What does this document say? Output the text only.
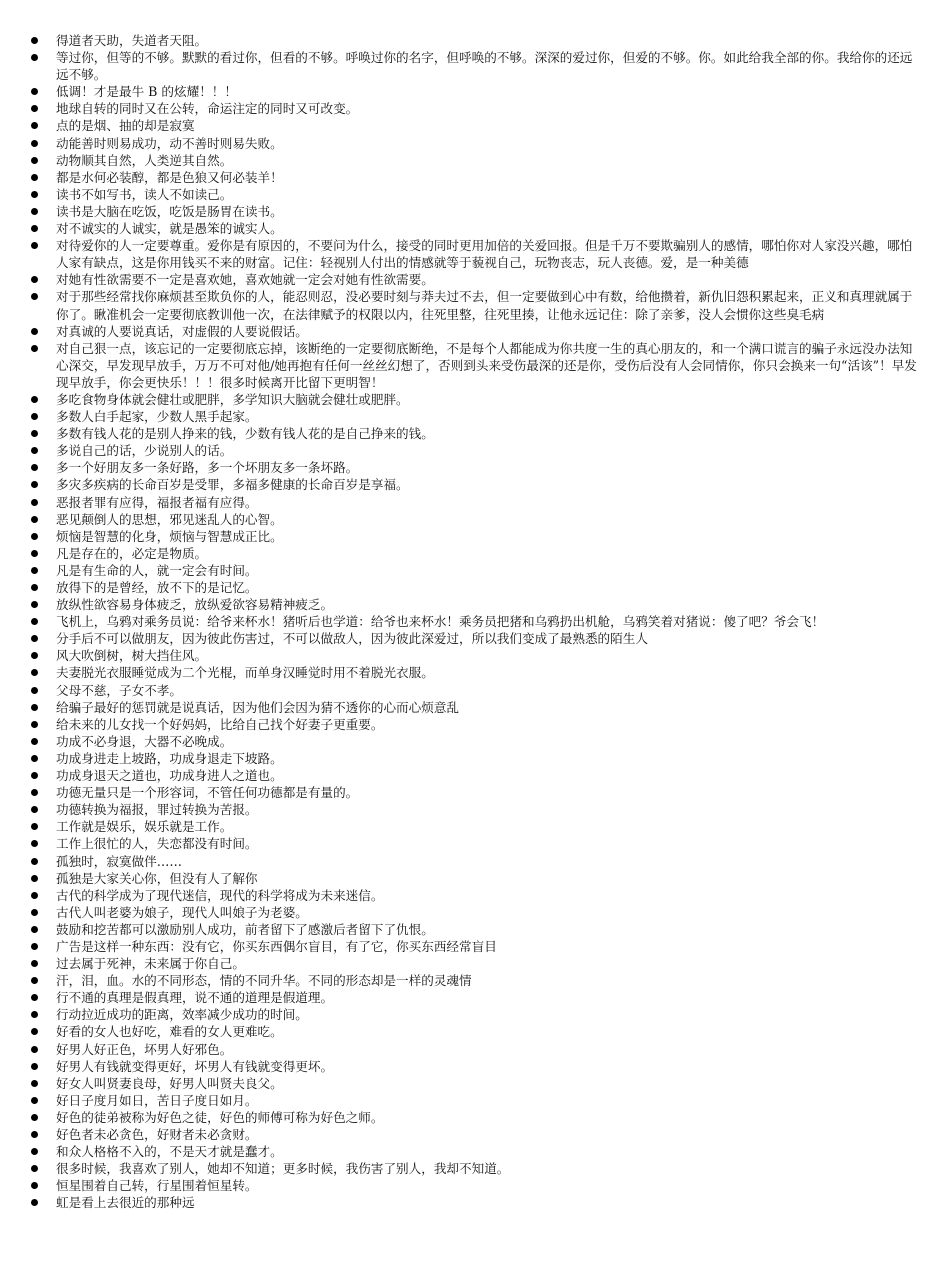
得道者天助，失道者天阻。
等过你，但等的不够。默默的看过你，但看的不够。呼唤过你的名字，但呼唤的不够。深深的爱过你，但爱的不够。你。如此给我全部的你。我给你的还远远不够。
低调！才是最牛 B 的炫耀！！！
地球自转的同时又在公转，命运注定的同时又可改变。
点的是烟、抽的却是寂寞
动能善时则易成功，动不善时则易失败。
动物顺其自然，人类逆其自然。
都是水何必装醇，都是色狼又何必装羊！
读书不如写书，读人不如读己。
读书是大脑在吃饭，吃饭是肠胃在读书。
对不诚实的人诚实，就是愚笨的诚实人。
对待爱你的人一定要尊重。爱你是有原因的，不要问为什么，接受的同时更用加倍的关爱回报。但是千万不要欺骗别人的感情，哪怕你对人家没兴趣，哪怕人家有缺点，这是你用钱买不来的财富。记住：轻视别人付出的情感就等于藐视自己，玩物丧志，玩人丧德。爱，是一种美德
对她有性欲需要不一定是喜欢她，喜欢她就一定会对她有性欲需要。
对于那些经常找你麻烦甚至欺负你的人，能忍则忍，没必要时刻与莽夫过不去，但一定要做到心中有数，给他攒着，新仇旧怨积累起来，正义和真理就属于你了。瞅准机会一定要彻底教训他一次，在法律赋予的权限以内，往死里整，往死里揍，让他永远记住：除了亲爹，没人会惯你这些臭毛病
对真诚的人要说真话，对虚假的人要说假话。
对自己狠一点，该忘记的一定要彻底忘掉，该断绝的一定要彻底断绝，不是每个人都能成为你共度一生的真心朋友的，和一个满口谎言的骗子永远没办法知心深交，早发现早放手，万万不可对他/她再抱有任何一丝丝幻想了，否则到头来受伤最深的还是你，受伤后没有人会同情你，你只会换来一句“活该”！早发现早放手，你会更快乐！！！很多时候离开比留下更明智！
多吃食物身体就会健壮或肥胖，多学知识大脑就会健壮或肥胖。
多数人白手起家，少数人黑手起家。
多数有钱人花的是别人挣来的钱，少数有钱人花的是自己挣来的钱。
多说自己的话，少说别人的话。
多一个好朋友多一条好路，多一个坏朋友多一条坏路。
多灾多疾病的长命百岁是受罪，多福多健康的长命百岁是享福。
恶报者罪有应得，福报者福有应得。
恶见颠倒人的思想，邪见迷乱人的心智。
烦恼是智慧的化身，烦恼与智慧成正比。
凡是存在的，必定是物质。
凡是有生命的人，就一定会有时间。
放得下的是曾经，放不下的是记忆。
放纵性欲容易身体疲乏，放纵爱欲容易精神疲乏。
飞机上，乌鸦对乘务员说：给爷来杯水！猪听后也学道：给爷也来杯水！乘务员把猪和乌鸦扔出机舱，乌鸦笑着对猪说：傻了吧？爷会飞！
分手后不可以做朋友，因为彼此伤害过，不可以做敌人，因为彼此深爱过，所以我们变成了最熟悉的陌生人
风大吹倒树，树大挡住风。
夫妻脱光衣服睡觉成为二个光棍，而单身汉睡觉时用不着脱光衣服。
父母不慈，子女不孝。
给骗子最好的惩罚就是说真话，因为他们会因为猜不透你的心而心烦意乱
给未来的儿女找一个好妈妈，比给自己找个好妻子更重要。
功成不必身退，大器不必晚成。
功成身进走上坡路，功成身退走下坡路。
功成身退天之道也，功成身进人之道也。
功德无量只是一个形容词，不管任何功德都是有量的。
功德转换为福报，罪过转换为苦报。
工作就是娱乐，娱乐就是工作。
工作上很忙的人，失恋都没有时间。
孤独时，寂寞做伴……
孤独是大家关心你，但没有人了解你
古代的科学成为了现代迷信，现代的科学将成为未来迷信。
古代人叫老婆为娘子，现代人叫娘子为老婆。
鼓励和挖苦都可以激励别人成功，前者留下了感激后者留下了仇恨。
广告是这样一种东西：没有它，你买东西偶尔盲目，有了它，你买东西经常盲目
过去属于死神，未来属于你自己。
汗，泪，血。水的不同形态，情的不同升华。不同的形态却是一样的灵魂情
行不通的真理是假真理，说不通的道理是假道理。
行动拉近成功的距离，效率减少成功的时间。
好看的女人也好吃，难看的女人更难吃。
好男人好正色，坏男人好邪色。
好男人有钱就变得更好，坏男人有钱就变得更坏。
好女人叫贤妻良母，好男人叫贤夫良父。
好日子度月如日，苦日子度日如月。
好色的徒弟被称为好色之徒，好色的师傅可称为好色之师。
好色者未必贪色，好财者未必贪财。
和众人格格不入的，不是天才就是蠢才。
很多时候，我喜欢了别人，她却不知道；更多时候，我伤害了别人，我却不知道。
恒星围着自己转，行星围着恒星转。
虹是看上去很近的那种远
